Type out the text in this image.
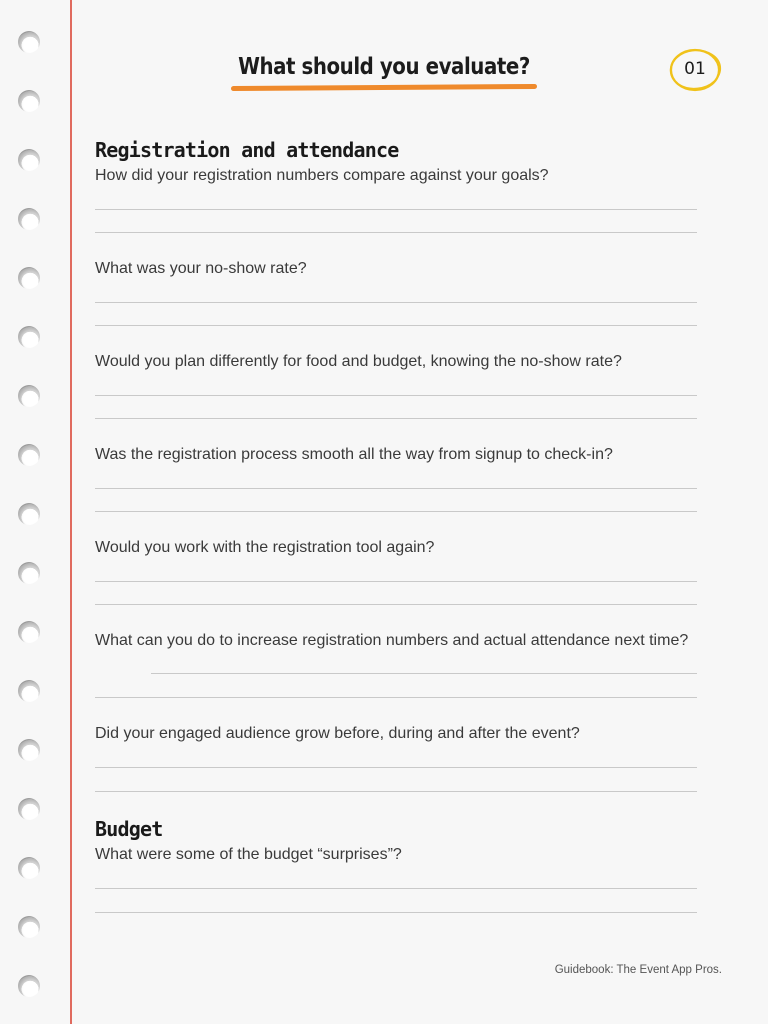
What should you evaluate?	01
Registration and attendance
How did your registration numbers compare against your goals?
What was your no-show rate?
Would you plan differently for food and budget, knowing the no-show rate?
Was the registration process smooth all the way from signup to check-in?
Would you work with the registration tool again?
What can you do to increase registration numbers and actual attendance next time?
Did your engaged audience grow before, during and after the event?
Budget
What were some of the budget “surprises”?
Guidebook: The Event App Pros.
